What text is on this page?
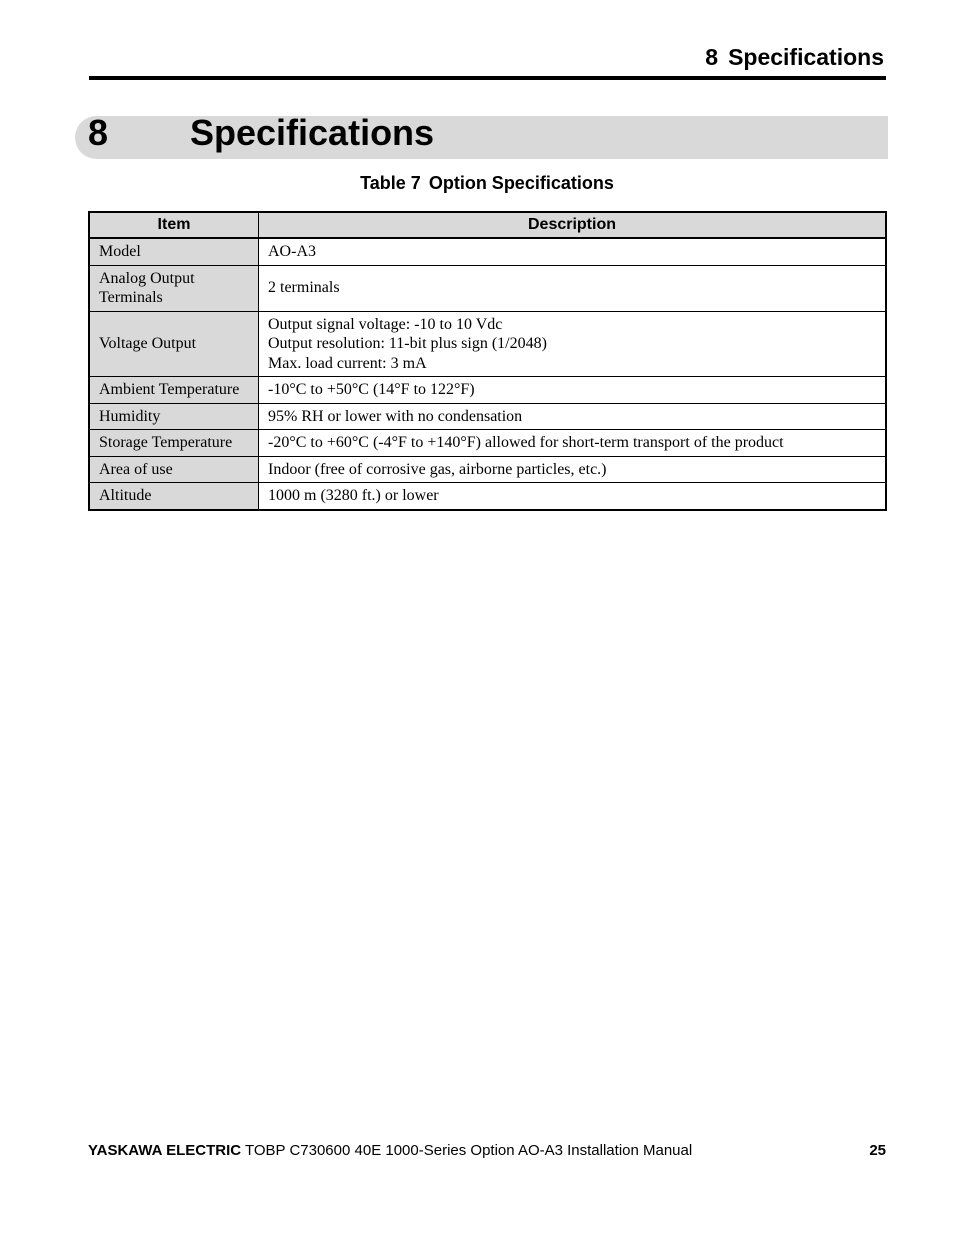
8 Specifications
8 Specifications
Table 7 Option Specifications
Item	Description
Model	AO-A3

Analog Output
Terminals	2 terminals

Voltage Output	Output signal voltage: -10 to 10 Vdc
Output resolution: 11-bit plus sign (1/2048)
Max. load current: 3 mA

Ambient Temperature	-10°C to +50°C (14°F to 122°F)

Humidity	95% RH or lower with no condensation

Storage Temperature	-20°C to +60°C (-4°F to +140°F) allowed for short-term transport of the product

Area of use	Indoor (free of corrosive gas, airborne particles, etc.)

Altitude	1000 m (3280 ft.) or lower
YASKAWA ELECTRIC TOBP C730600 40E 1000-Series Option AO-A3 Installation Manual	25
